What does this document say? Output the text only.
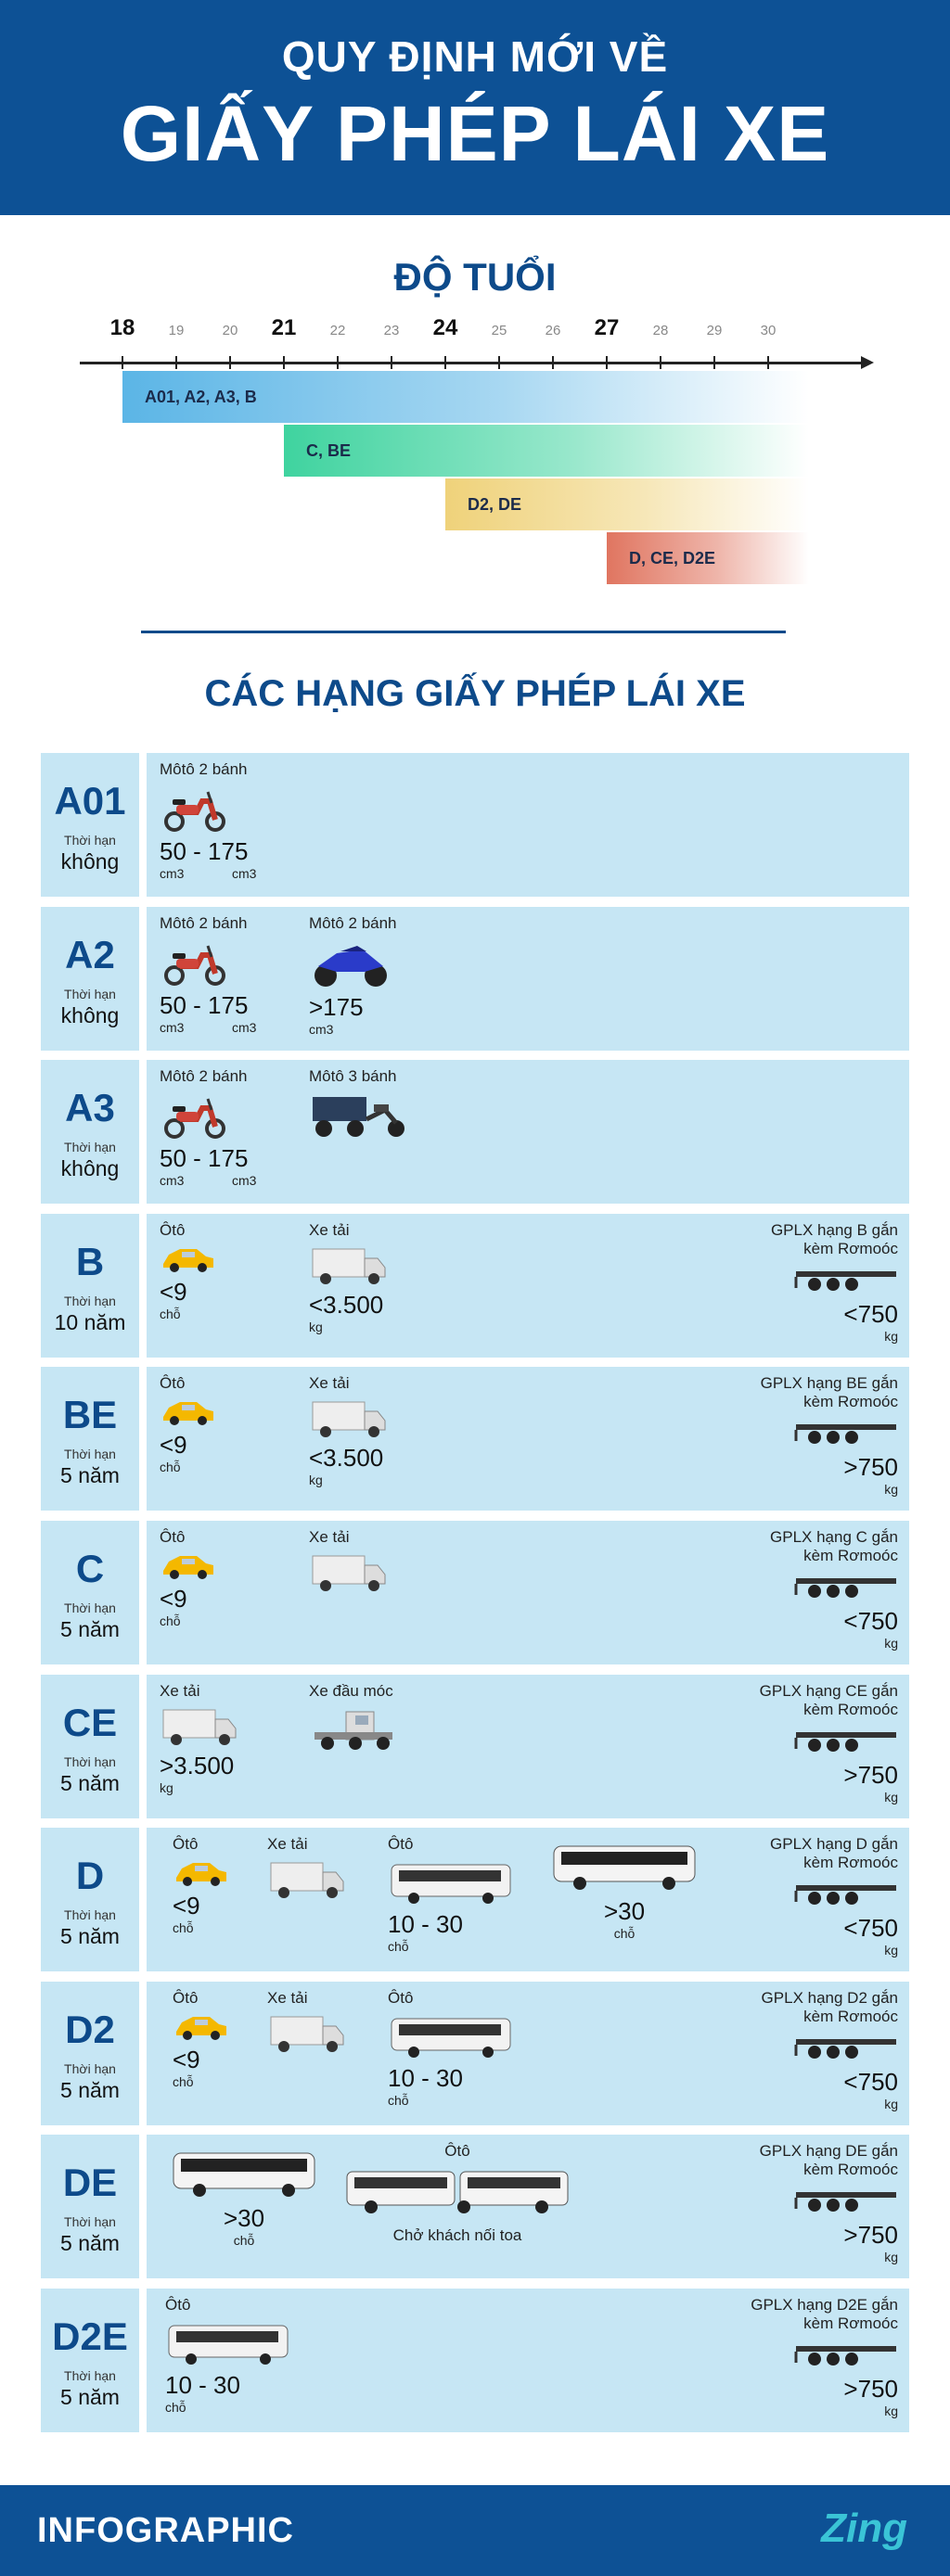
QUY ĐỊNH MỚI VỀ
GIẤY PHÉP LÁI XE
ĐỘ TUỔI
18 19	20 21 22	23 24 25	26 27 28	29	30
A01, A2, A3, B
C, BE
D2, DE
D, CE, D2E
CÁC HẠNG GIẤY PHÉP LÁI XE
A01
Thời hạn
không
Môtô 2 bánh
50 - 175
cm3	cm3
A2
Thời hạn
không
Môtô 2 bánh
50 - 175
cm3	cm3
Môtô 2 bánh
>175
cm3
A3
Thời hạn
không
Môtô 2 bánh
50 - 175
cm3	cm3
Môtô 3 bánh
B
Thời hạn
10 năm
Ôtô
<9
chỗ
Xe tải
<3.500
kg
GPLX hạng B gắn kèm Rơmoóc
<750
kg
BE
Thời hạn
5 năm
Ôtô
<9
chỗ
Xe tải
<3.500
kg
GPLX hạng BE gắn kèm Rơmoóc
>750
kg
C
Thời hạn
5 năm
Ôtô
<9
chỗ
Xe tải	GPLX hạng C gắn kèm Rơmoóc
<750
kg
CE
Thời hạn
5 năm
Xe tải
>3.500
kg
Xe đầu móc	GPLX hạng CE gắn kèm Rơmoóc
>750
kg
D
Thời hạn
5 năm
Ôtô
<9
chỗ
Xe tải	Ôtô
10 - 30
chỗ
>30
chỗ
GPLX hạng D gắn kèm Rơmoóc
<750
kg
D2
Thời hạn
5 năm
Ôtô
<9
chỗ
Xe tải	Ôtô
10 - 30
chỗ
GPLX hạng D2 gắn kèm Rơmoóc
<750
kg
DE
Thời hạn
5 năm
>30
chỗ
Ôtô
Chở khách nối toa
GPLX hạng DE gắn kèm Rơmoóc
>750
kg
D2E
Thời hạn
5 năm
Ôtô
10 - 30
chỗ
GPLX hạng D2E gắn kèm Rơmoóc
>750
kg
INFOGRAPHIC	Zing
